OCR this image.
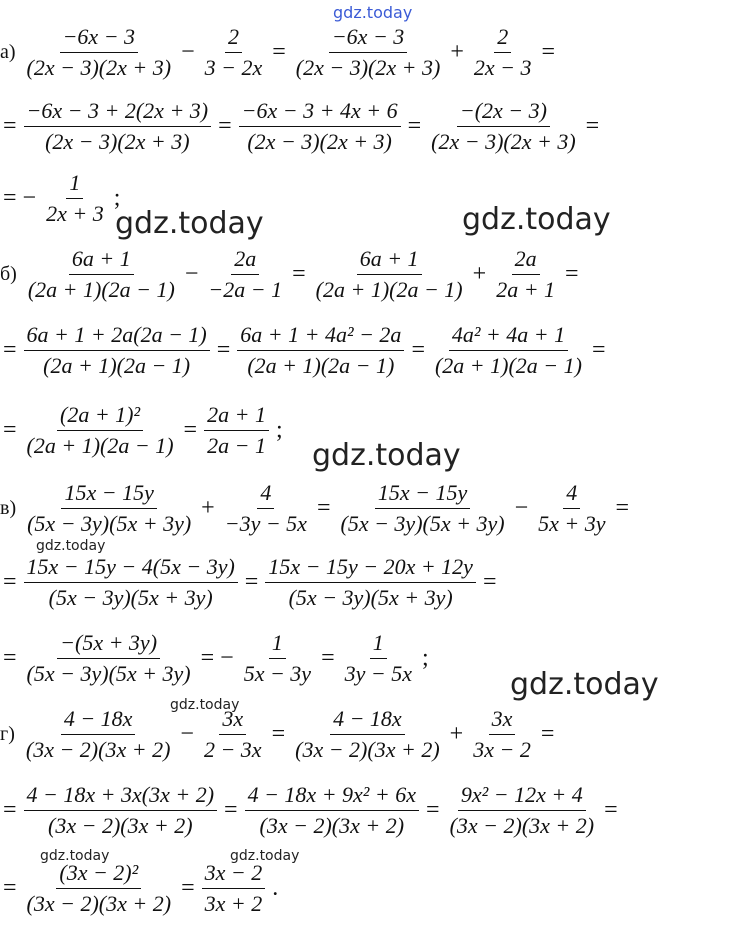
gdz.today
gdz.today	gdz.today
gdz.today
gdz.today
gdz.today
gdz.today
gdz.today	gdz.today
$а) \frac{-6x - 3}{(2x - 3)(2x + 3)} - \frac{2}{3 - 2x} = \frac{-6x - 3}{(2x - 3)(2x + 3)} + \frac{2}{2x - 3}$ =
= $\frac{-6x - 3 + 2(2x + 3)}{(2x - 3)(2x + 3)} = \frac{-6x - 3 + 4x + 6}{(2x - 3)(2x + 3)} = \frac{-(2x - 3)}{(2x - 3)(2x + 3)}$ =
= − $\frac{1}{2x + 3}$ ;
$б) \frac{6a + 1}{(2a + 1)(2a - 1)} - \frac{2a}{-2a - 1} = \frac{6a + 1}{(2a + 1)(2a - 1)} + \frac{2a}{2a + 1}$ =
= $\frac{6a + 1 + 2a(2a - 1)}{(2a + 1)(2a - 1)} = \frac{\text{6a + 1 + 4a² − 2a}}{(2a + 1)(2a - 1)} = \frac{\text{4a² + 4a + 1}}{(2a + 1)(2a - 1)}$ =
= $\frac{\text{(2a + 1)²}}{(2a + 1)(2a - 1)} = \frac{2a + 1}{2a - 1}$ ;
$в) \frac{15x - 15y}{(5x - 3y)(5x + 3y)} + \frac{4}{-3y - 5x} = \frac{15x - 15y}{(5x - 3y)(5x + 3y)} - \frac{4}{5x + 3y}$ =
= $\frac{15x - 15y - 4(5x - 3y)}{(5x - 3y)(5x + 3y)} = \frac{15x - 15y - 20x + 12y}{(5x - 3y)(5x + 3y)}$ =
= $\frac{-(5x + 3y)}{(5x - 3y)(5x + 3y)}$ = − $\frac{1}{5x - 3y} = \frac{1}{3y - 5x}$ ;
$г) \frac{4 - 18x}{(3x - 2)(3x + 2)} - \frac{3x}{2 - 3x} = \frac{4 - 18x}{(3x - 2)(3x + 2)} + \frac{3x}{3x - 2}$ =
= $\frac{4 - 18x + 3x(3x + 2)}{(3x - 2)(3x + 2)} = \frac{\text{4 − 18x + 9x² + 6x}}{(3x - 2)(3x + 2)} = \frac{\text{9x² − 12x + 4}}{(3x - 2)(3x + 2)}$ =
= $\frac{\text{(3x − 2)²}}{(3x - 2)(3x + 2)} = \frac{3x - 2}{3x + 2}$ .
